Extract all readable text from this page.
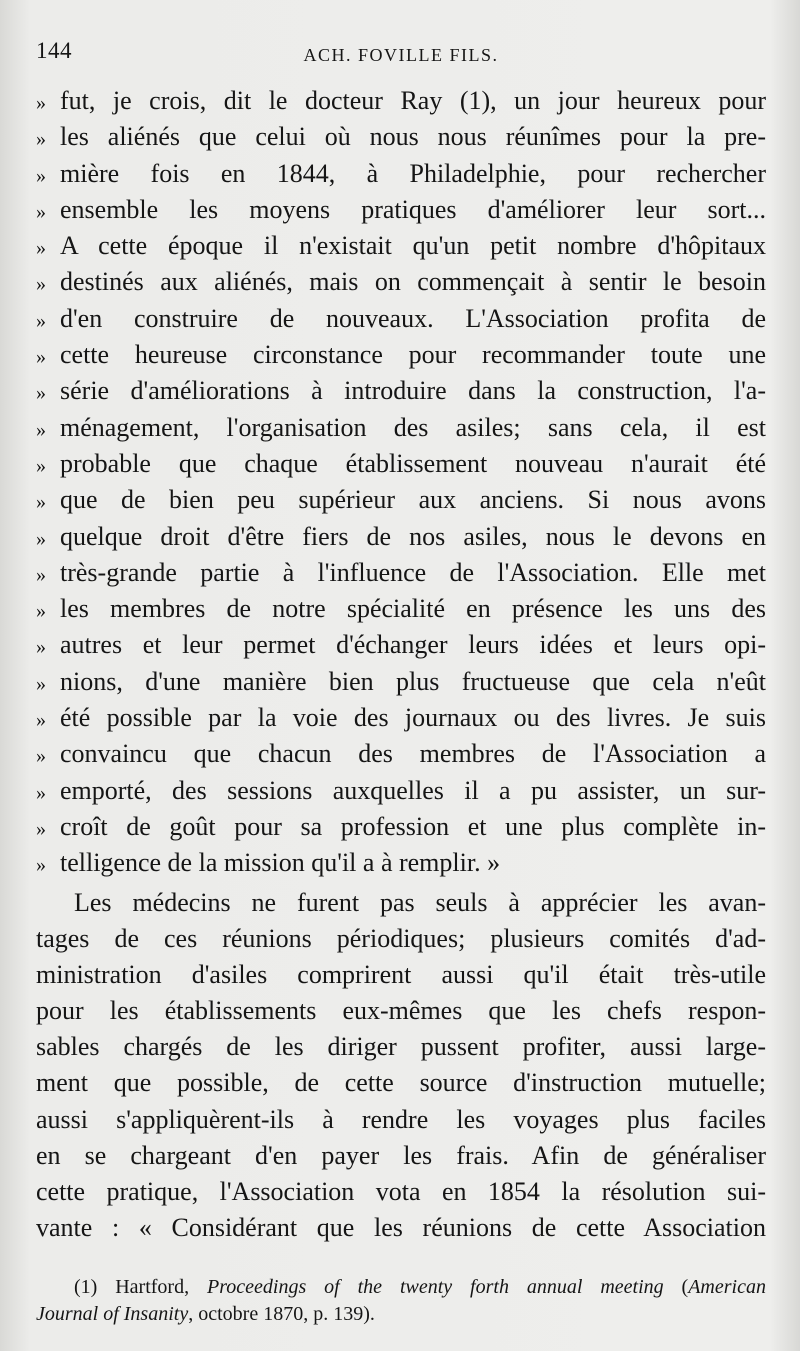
144	ACH. FOVILLE FILS.
» fut, je crois, dit le docteur Ray (1), un jour heureux pour
» les aliénés que celui où nous nous réunîmes pour la pre-
» mière fois en 1844, à Philadelphie, pour rechercher
» ensemble les moyens pratiques d'améliorer leur sort...
» A cette époque il n'existait qu'un petit nombre d'hôpitaux
» destinés aux aliénés, mais on commençait à sentir le besoin
» d'en construire de nouveaux. L'Association profita de
» cette heureuse circonstance pour recommander toute une
» série d'améliorations à introduire dans la construction, l'a-
» ménagement, l'organisation des asiles; sans cela, il est
» probable que chaque établissement nouveau n'aurait été
» que de bien peu supérieur aux anciens. Si nous avons
» quelque droit d'être fiers de nos asiles, nous le devons en
» très-grande partie à l'influence de l'Association. Elle met
» les membres de notre spécialité en présence les uns des
» autres et leur permet d'échanger leurs idées et leurs opi-
» nions, d'une manière bien plus fructueuse que cela n'eût
» été possible par la voie des journaux ou des livres. Je suis
» convaincu que chacun des membres de l'Association a
» emporté, des sessions auxquelles il a pu assister, un sur-
» croît de goût pour sa profession et une plus complète in-
» telligence de la mission qu'il a à remplir. »
Les médecins ne furent pas seuls à apprécier les avan-
tages de ces réunions périodiques; plusieurs comités d'ad-
ministration d'asiles comprirent aussi qu'il était très-utile
pour les établissements eux-mêmes que les chefs respon-
sables chargés de les diriger pussent profiter, aussi large-
ment que possible, de cette source d'instruction mutuelle;
aussi s'appliquèrent-ils à rendre les voyages plus faciles
en se chargeant d'en payer les frais. Afin de généraliser
cette pratique, l'Association vota en 1854 la résolution sui-
vante : « Considérant que les réunions de cette Association
(1) Hartford, Proceedings of the twenty forth annual meeting (American
Journal of Insanity, octobre 1870, p. 139).
